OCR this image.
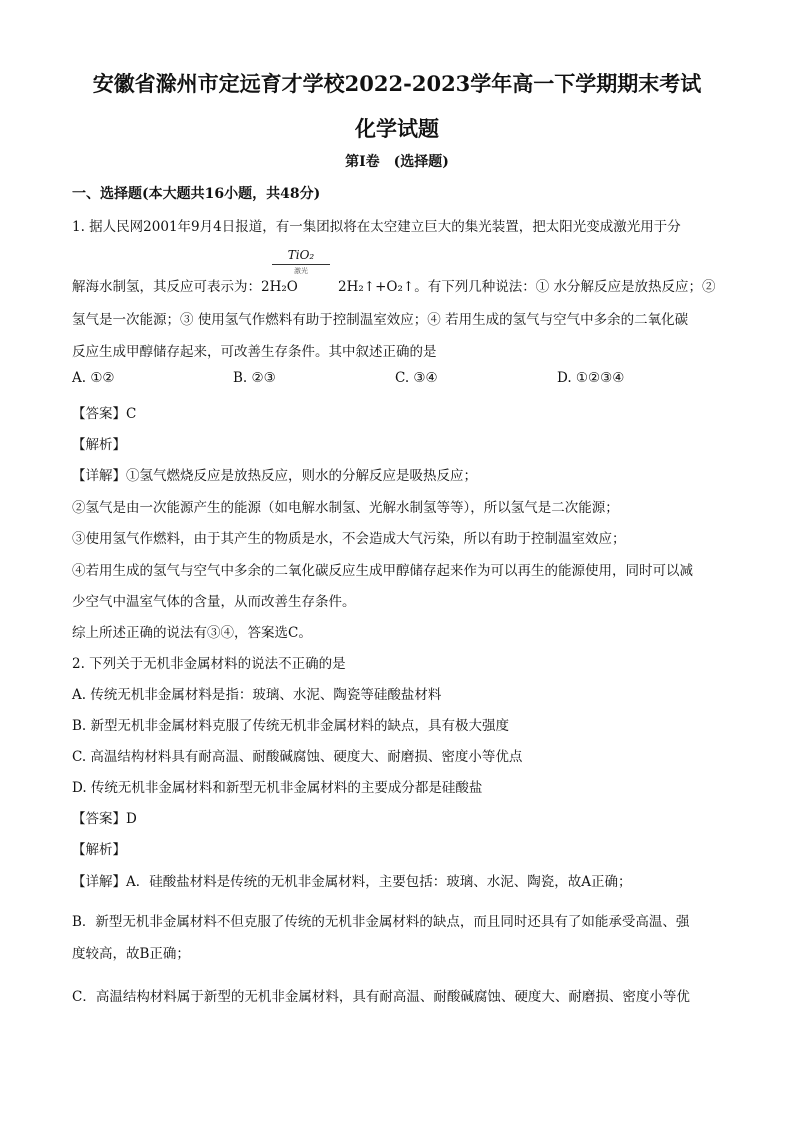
安徽省滁州市定远育才学校2022-2023学年高一下学期期末考试
化学试题
第Ⅰ卷　(选择题)
一、选择题(本大题共16小题，共48分)
1. 据人民网2001年9月4日报道，有一集团拟将在太空建立巨大的集光装置，把太阳光变成激光用于分
解海水制氢，其反应可表示为：2H₂O
TiO₂
激光
2H₂↑+O₂↑。有下列几种说法：① 水分解反应是放热反应；②
氢气是一次能源；③ 使用氢气作燃料有助于控制温室效应；④ 若用生成的氢气与空气中多余的二氧化碳
反应生成甲醇储存起来，可改善生存条件。其中叙述正确的是
A. ①②	B. ②③	C. ③④	D. ①②③④
【答案】C
【解析】
【详解】①氢气燃烧反应是放热反应，则水的分解反应是吸热反应；
②氢气是由一次能源产生的能源（如电解水制氢、光解水制氢等等），所以氢气是二次能源；
③使用氢气作燃料，由于其产生的物质是水，不会造成大气污染，所以有助于控制温室效应；
④若用生成的氢气与空气中多余的二氧化碳反应生成甲醇储存起来作为可以再生的能源使用，同时可以减
少空气中温室气体的含量，从而改善生存条件。
综上所述正确的说法有③④，答案选C。
2. 下列关于无机非金属材料的说法不正确的是
A. 传统无机非金属材料是指：玻璃、水泥、陶瓷等硅酸盐材料
B. 新型无机非金属材料克服了传统无机非金属材料的缺点，具有极大强度
C. 高温结构材料具有耐高温、耐酸碱腐蚀、硬度大、耐磨损、密度小等优点
D. 传统无机非金属材料和新型无机非金属材料的主要成分都是硅酸盐
【答案】D
【解析】
【详解】A．硅酸盐材料是传统的无机非金属材料，主要包括：玻璃、水泥、陶瓷，故A正确；
B．新型无机非金属材料不但克服了传统的无机非金属材料的缺点，而且同时还具有了如能承受高温、强
度较高，故B正确；
C．高温结构材料属于新型的无机非金属材料，具有耐高温、耐酸碱腐蚀、硬度大、耐磨损、密度小等优
